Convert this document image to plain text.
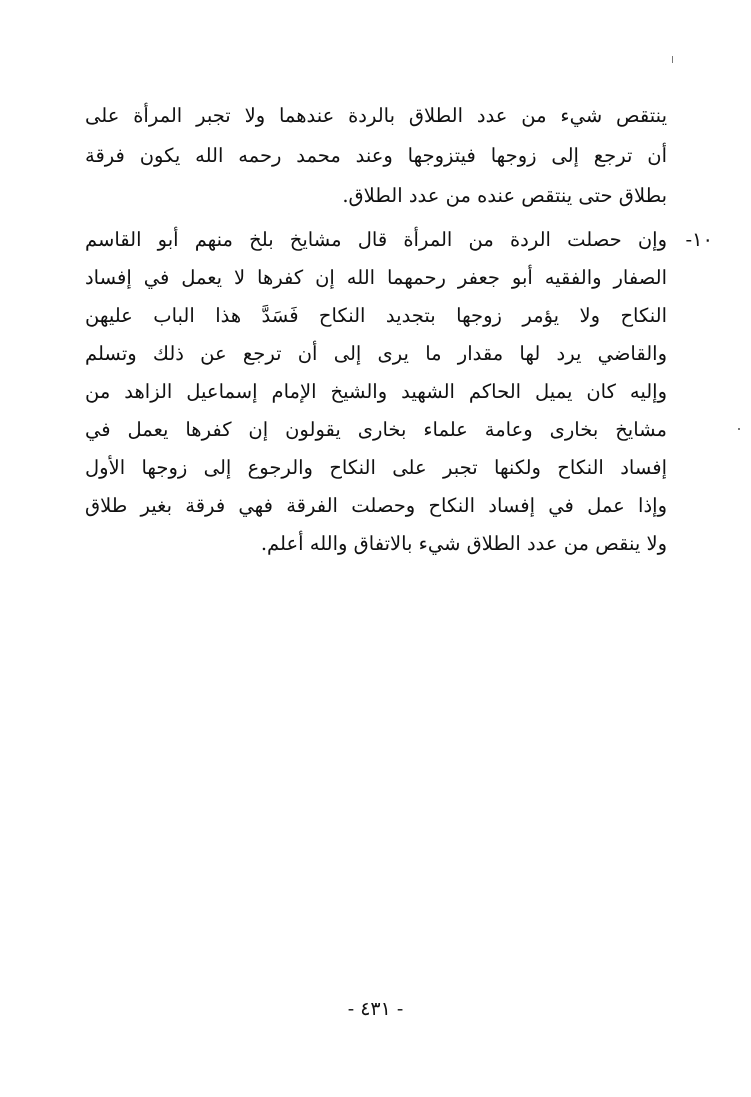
ينتقص شيء من عدد الطلاق بالردة عندهما ولا تجبر المرأة على
أن ترجع إلى زوجها فيتزوجها وعند محمد رحمه الله يكون فرقة
بطلاق حتى ينتقص عنده من عدد الطلاق.
١٠-
وإن حصلت الردة من المرأة قال مشايخ بلخ منهم أبو القاسم
الصفار والفقيه أبو جعفر رحمهما الله إن كفرها لا يعمل في إفساد
النكاح ولا يؤمر زوجها بتجديد النكاح فَسَدَّ هذا الباب عليهن
والقاضي يرد لها مقدار ما يرى إلى أن ترجع عن ذلك وتسلم
وإليه كان يميل الحاكم الشهيد والشيخ الإمام إسماعيل الزاهد من
مشايخ بخارى وعامة علماء بخارى يقولون إن كفرها يعمل في
إفساد النكاح ولكنها تجبر على النكاح والرجوع إلى زوجها الأول
وإذا عمل في إفساد النكاح وحصلت الفرقة فهي فرقة بغير طلاق
ولا ينقص من عدد الطلاق شيء بالاتفاق والله أعلم.
- ٤٣١ -
